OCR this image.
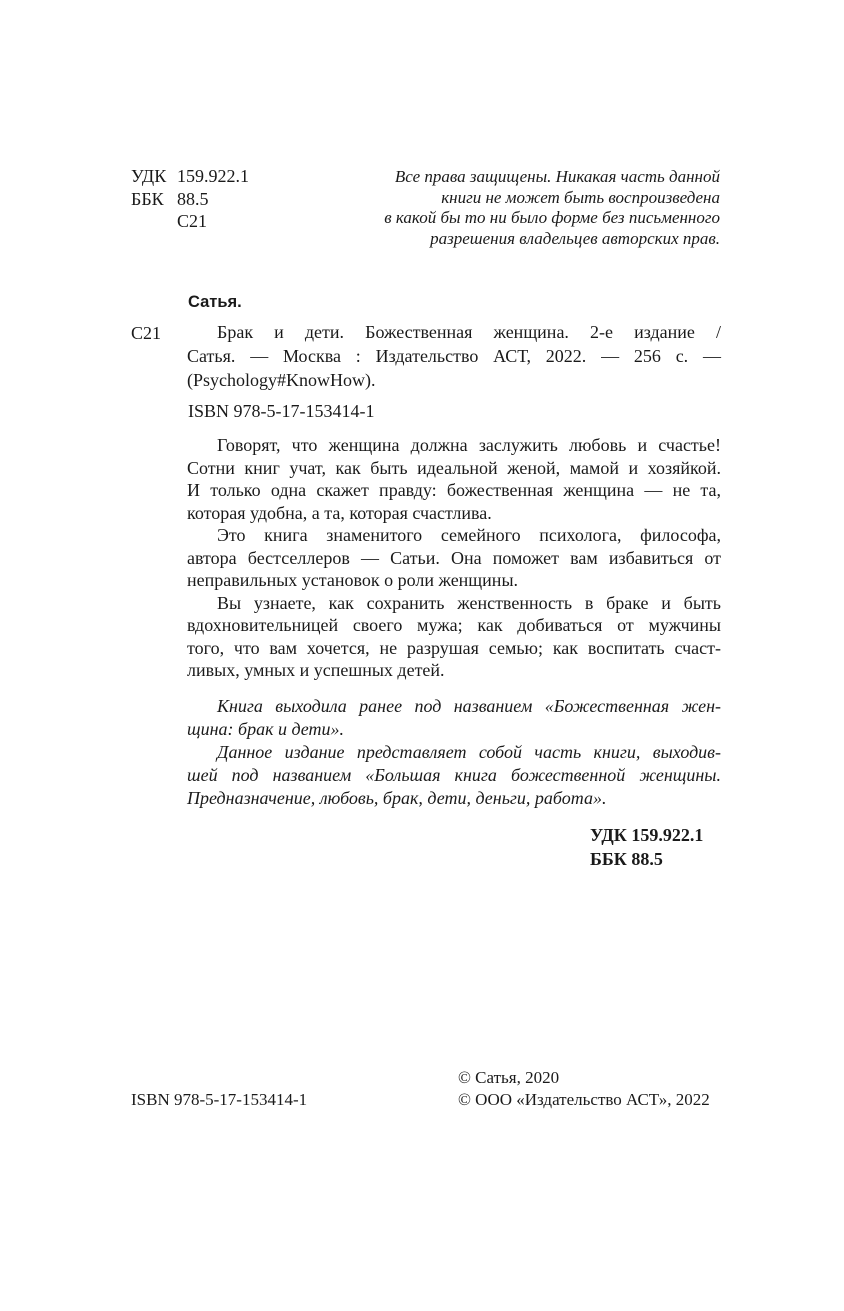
УДК 159.922.1
ББК 88.5
С21
Все права защищены. Никакая часть данной
книги не может быть воспроизведена
в какой бы то ни было форме без письменного
разрешения владельцев авторских прав.
Сатья.
С21	Брак и дети. Божественная женщина. 2-е издание /
Сатья. — Москва : Издательство АСТ, 2022. — 256 с. —
(Psychology#KnowHow).
ISBN 978-5-17-153414-1
Говорят, что женщина должна заслужить любовь и счастье!
Сотни книг учат, как быть идеальной женой, мамой и хозяйкой.
И только одна скажет правду: божественная женщина — не та,
которая удобна, а та, которая счастлива.
Это книга знаменитого семейного психолога, философа,
автора бестселлеров — Сатьи. Она поможет вам избавиться от
неправильных установок о роли женщины.
Вы узнаете, как сохранить женственность в браке и быть
вдохновительницей своего мужа; как добиваться от мужчины
того, что вам хочется, не разрушая семью; как воспитать счаст-
ливых, умных и успешных детей.
Книга выходила ранее под названием «Божественная жен-
щина: брак и дети».
Данное издание представляет собой часть книги, выходив-
шей под названием «Большая книга божественной женщины.
Предназначение, любовь, брак, дети, деньги, работа».
УДК 159.922.1
ББК 88.5
© Сатья, 2020
ISBN 978-5-17-153414-1	© ООО «Издательство АСТ», 2022
